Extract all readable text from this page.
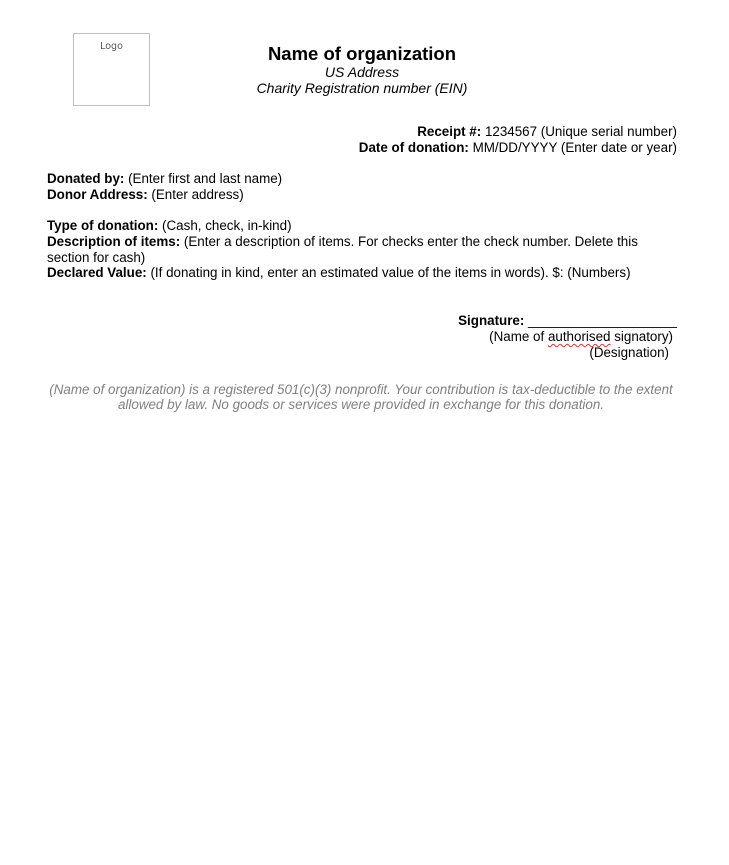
Logo	Name of organization
US Address
Charity Registration number (EIN)
Receipt #: 1234567 (Unique serial number)
Date of donation: MM/DD/YYYY (Enter date or year)
Donated by: (Enter first and last name)
Donor Address: (Enter address)
Type of donation: (Cash, check, in-kind)
Description of items: (Enter a description of items. For checks enter the check number. Delete this
section for cash)
Declared Value: (If donating in kind, enter an estimated value of the items in words). $: (Numbers)
Signature: ____________________
(Name of authorised signatory)
(Designation)
(Name of organization) is a registered 501(c)(3) nonprofit. Your contribution is tax-deductible to the extent allowed by law. No goods or services were provided in exchange for this donation.
